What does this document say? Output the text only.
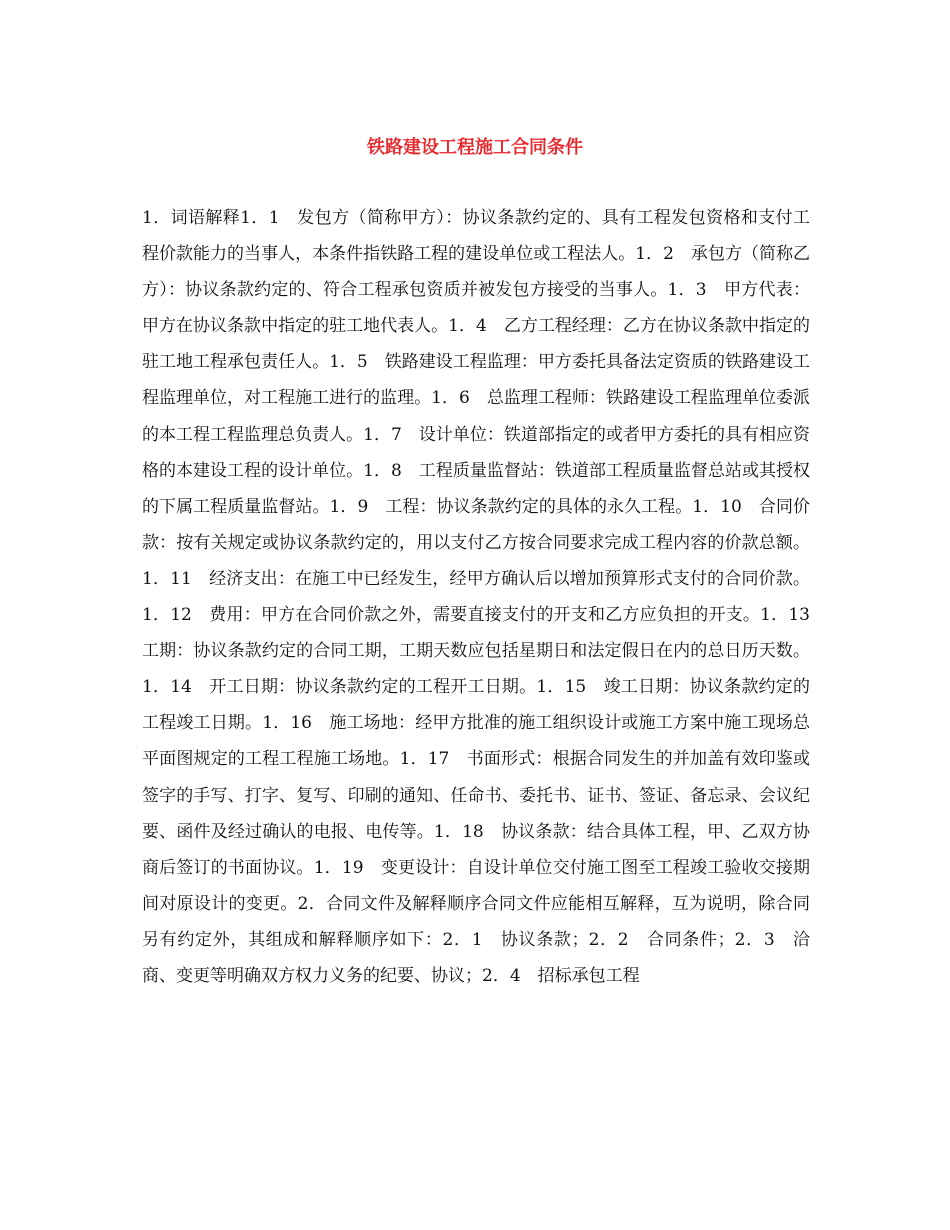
铁路建设工程施工合同条件

1．词语解释1．1　发包方（简称甲方）：协议条款约定的、具有工程发包资格和支付工程价款能力的当事人，本条件指铁路工程的建设单位或工程法人。1．2　承包方（简称乙方）：协议条款约定的、符合工程承包资质并被发包方接受的当事人。1．3　甲方代表：甲方在协议条款中指定的驻工地代表人。1．4　乙方工程经理：乙方在协议条款中指定的驻工地工程承包责任人。1．5　铁路建设工程监理：甲方委托具备法定资质的铁路建设工程监理单位，对工程施工进行的监理。1．6　总监理工程师：铁路建设工程监理单位委派的本工程工程监理总负责人。1．7　设计单位：铁道部指定的或者甲方委托的具有相应资格的本建设工程的设计单位。1．8　工程质量监督站：铁道部工程质量监督总站或其授权的下属工程质量监督站。1．9　工程：协议条款约定的具体的永久工程。1．10　合同价款：按有关规定或协议条款约定的，用以支付乙方按合同要求完成工程内容的价款总额。1．11　经济支出：在施工中已经发生，经甲方确认后以增加预算形式支付的合同价款。1．12　费用：甲方在合同价款之外，需要直接支付的开支和乙方应负担的开支。1．13　工期：协议条款约定的合同工期，工期天数应包括星期日和法定假日在内的总日历天数。1．14　开工日期：协议条款约定的工程开工日期。1．15　竣工日期：协议条款约定的工程竣工日期。1．16　施工场地：经甲方批准的施工组织设计或施工方案中施工现场总平面图规定的工程工程施工场地。1．17　书面形式：根据合同发生的并加盖有效印鉴或签字的手写、打字、复写、印刷的通知、任命书、委托书、证书、签证、备忘录、会议纪要、函件及经过确认的电报、电传等。1．18　协议条款：结合具体工程，甲、乙双方协商后签订的书面协议。1．19　变更设计：自设计单位交付施工图至工程竣工验收交接期间对原设计的变更。2．合同文件及解释顺序合同文件应能相互解释，互为说明，除合同另有约定外，其组成和解释顺序如下：2．1　协议条款；2．2　合同条件；2．3　洽商、变更等明确双方权力义务的纪要、协议；2．4　招标承包工程
